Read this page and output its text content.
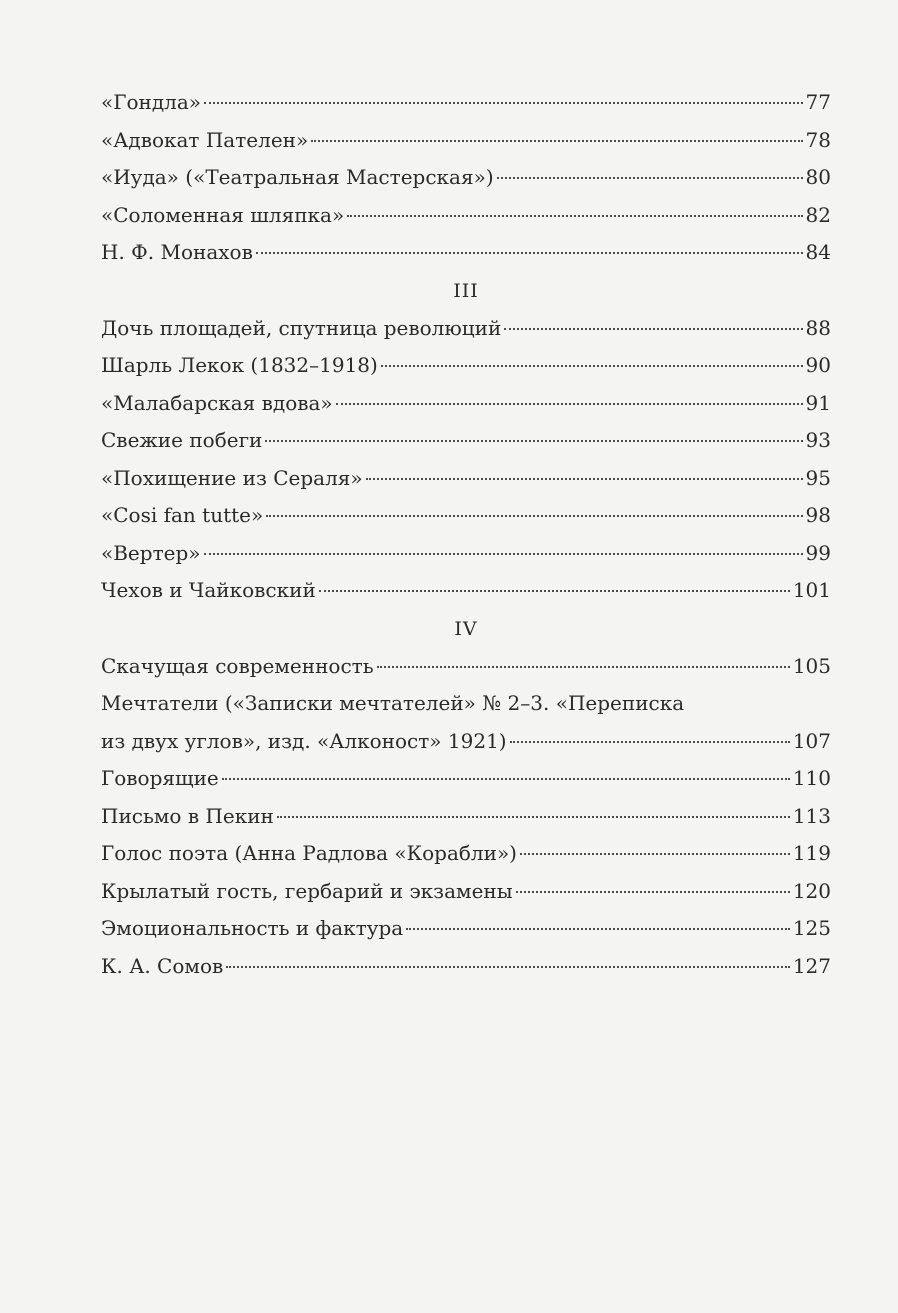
«Гондла»	77
«Адвокат Пателен»	78
«Иуда» («Театральная Мастерская»)	80
«Соломенная шляпка»	82
Н. Ф. Монахов	84
III
Дочь площадей, спутница революций	88
Шарль Лекок (1832–1918)	90
«Малабарская вдова»	91
Свежие побеги	93
«Похищение из Сераля»	95
«Cosi fan tutte»	98
«Вертер»	99
Чехов и Чайковский	101
IV
Скачущая современность	105
Мечтатели («Записки мечтателей» № 2–3. «Переписка
из двух углов», изд. «Алконост» 1921)	107
Говорящие	110
Письмо в Пекин	113
Голос поэта (Анна Радлова «Корабли»)	119
Крылатый гость, гербарий и экзамены	120
Эмоциональность и фактура	125
К. А. Сомов	127
